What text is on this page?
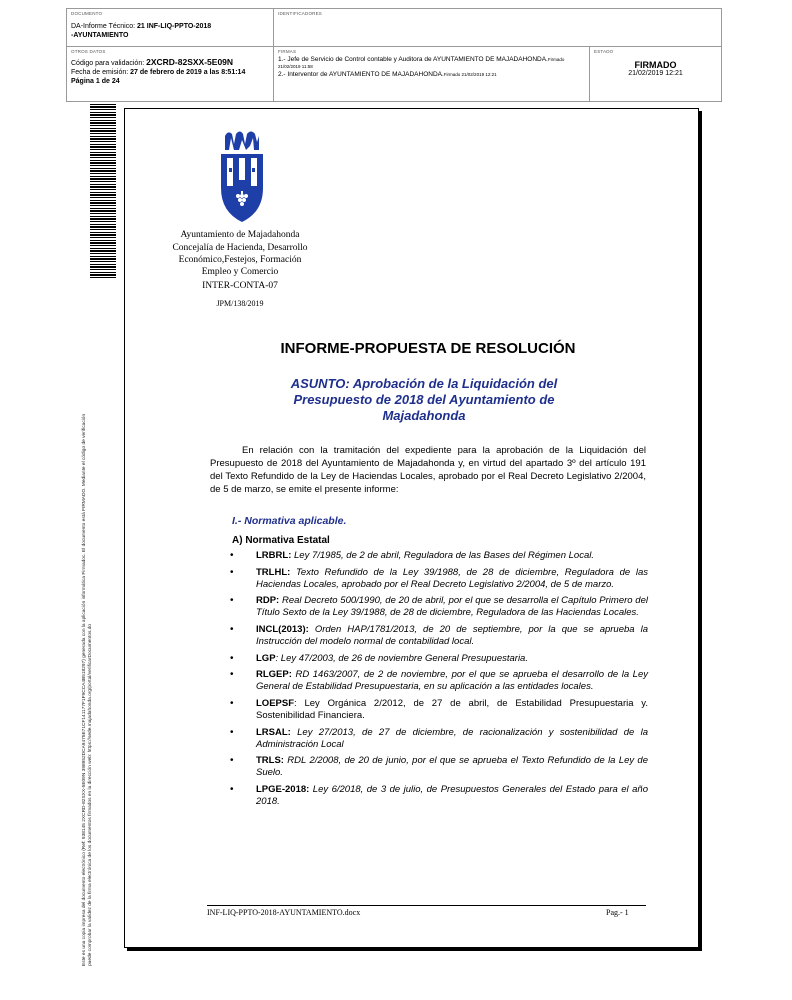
DOCUMENTO
DA-Informe Técnico: 21 INF-LIQ-PPTO-2018
-AYUNTAMIENTO
IDENTIFICADORES
OTROS DATOS
Código para validación: 2XCRD-82SXX-5E09N
Fecha de emisión: 27 de febrero de 2019 a las 8:51:14
Página 1 de 24
FIRMAS
1.- Jefe de Servicio de Control contable y Auditora de AYUNTAMIENTO DE MAJADAHONDA.Firmado 21/02/2019 11:58
2.- Interventor de AYUNTAMIENTO DE MAJADAHONDA.Firmado 21/02/2019 12:21
ESTADO
FIRMADO
21/02/2019 12:21
Este es una copia impresa del documento electrónico (Ref: 938145 2XCRD-82SXX-5E09N 398952DCA9475E71CF141177F1F9CCA4B518297) generada con la aplicación informática Firmadoc. El documento está FIRMADO. Mediante el código de verificación puede comprobar la validez de la firma electrónica de los documentos firmados en la dirección web: https://sede.majadahonda.org/portal/verificarDocumentos.do
Ayuntamiento de Majadahonda
Concejalía de Hacienda, Desarrollo
Económico,Festejos, Formación
Empleo y Comercio
INTER-CONTA-07
JPM/138/2019
INFORME-PROPUESTA DE RESOLUCIÓN
ASUNTO: Aprobación de la Liquidación del Presupuesto de 2018 del Ayuntamiento de Majadahonda
En relación con la tramitación del expediente para la aprobación de la Liquidación del Presupuesto de 2018 del Ayuntamiento de Majadahonda y, en virtud del apartado 3º del artículo 191 del Texto Refundido de la Ley de Haciendas Locales, aprobado por el Real Decreto Legislativo 2/2004, de 5 de marzo, se emite el presente informe:
I.- Normativa aplicable.
A) Normativa Estatal
• LRBRL: Ley 7/1985, de 2 de abril, Reguladora de las Bases del Régimen Local.
• TRLHL: Texto Refundido de la Ley 39/1988, de 28 de diciembre, Reguladora de las Haciendas Locales, aprobado por el Real Decreto Legislativo 2/2004, de 5 de marzo.
• RDP: Real Decreto 500/1990, de 20 de abril, por el que se desarrolla el Capítulo Primero del Título Sexto de la Ley 39/1988, de 28 de diciembre, Reguladora de las Haciendas Locales.
• INCL(2013): Orden HAP/1781/2013, de 20 de septiembre, por la que se aprueba la Instrucción del modelo normal de contabilidad local.
• LGP: Ley 47/2003, de 26 de noviembre General Presupuestaria.
• RLGEP: RD 1463/2007, de 2 de noviembre, por el que se aprueba el desarrollo de la Ley General de Estabilidad Presupuestaria, en su aplicación a las entidades locales.
• LOEPSF: Ley Orgánica 2/2012, de 27 de abril, de Estabilidad Presupuestaria y. Sostenibilidad Financiera.
• LRSAL: Ley 27/2013, de 27 de diciembre, de racionalización y sostenibilidad de la Administración Local
• TRLS: RDL 2/2008, de 20 de junio, por el que se aprueba el Texto Refundido de la Ley de Suelo.
• LPGE-2018: Ley 6/2018, de 3 de julio, de Presupuestos Generales del Estado para el año 2018.
INF-LIQ-PPTO-2018-AYUNTAMIENTO.docx	Pag.- 1
